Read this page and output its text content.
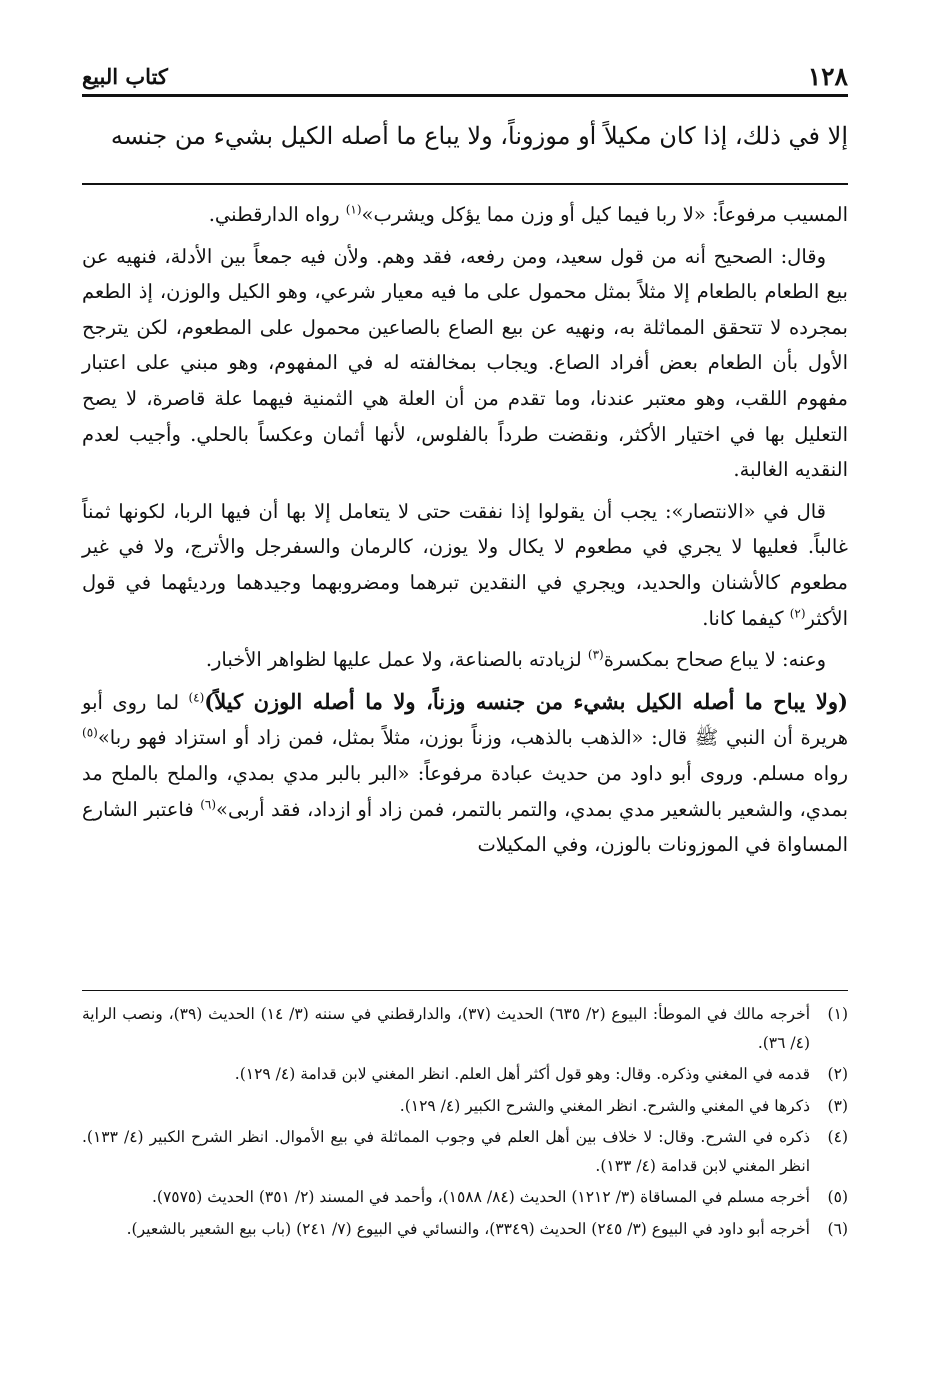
١٢٨
كتاب البيع
إلا في ذلك، إذا كان مكيلاً أو موزوناً، ولا يباع ما أصله الكيل بشيء من جنسه

المسيب مرفوعاً: «لا ربا فيما كيل أو وزن مما يؤكل ويشرب»$^{(١)}$ رواه الدارقطني.

وقال: الصحيح أنه من قول سعيد، ومن رفعه، فقد وهم. ولأن فيه جمعاً بين الأدلة، فنهيه عن بيع الطعام بالطعام إلا مثلاً بمثل محمول على ما فيه معيار شرعي، وهو الكيل والوزن، إذ الطعم بمجرده لا تتحقق المماثلة به، ونهيه عن بيع الصاع بالصاعين محمول على المطعوم، لكن يترجح الأول بأن الطعام بعض أفراد الصاع. ويجاب بمخالفته له في المفهوم، وهو مبني على اعتبار مفهوم اللقب، وهو معتبر عندنا، وما تقدم من أن العلة هي الثمنية فيهما علة قاصرة، لا يصح التعليل بها في اختيار الأكثر، ونقضت طرداً بالفلوس، لأنها أثمان وعكساً بالحلي. وأجيب لعدم النقديه الغالبة.

قال في «الانتصار»: يجب أن يقولوا إذا نفقت حتى لا يتعامل إلا بها أن فيها الربا، لكونها ثمناً غالباً. فعليها لا يجري في مطعوم لا يكال ولا يوزن، كالرمان والسفرجل والأترج، ولا في غير مطعوم كالأشنان والحديد، ويجري في النقدين تبرهما ومضروبهما وجيدهما ورديئهما في قول الأكثر$^{(٢)}$ كيفما كانا.

وعنه: لا يباع صحاح بمكسرة$^{(٣)}$ لزيادته بالصناعة، ولا عمل عليها لظواهر الأخبار.

(ولا يباح ما أصله الكيل بشيء من جنسه وزناً، ولا ما أصله الوزن كيلاً)$^{(٤)}$ لما روى أبو هريرة أن النبي ﷺ قال: «الذهب بالذهب، وزناً بوزن، مثلاً بمثل، فمن زاد أو استزاد فهو ربا»$^{(٥)}$ رواه مسلم. وروى أبو داود من حديث عبادة مرفوعاً: «البر بالبر مدي بمدي، والملح بالملح مد بمدي، والشعير بالشعير مدي بمدي، والتمر بالتمر، فمن زاد أو ازداد، فقد أربى»$^{(٦)}$ فاعتبر الشارع المساواة في الموزونات بالوزن، وفي المكيلات

(١)
أخرجه مالك في الموطأ: البيوع (٢/ ٦٣٥) الحديث (٣٧)، والدارقطني في سننه (٣/ ١٤) الحديث (٣٩)، ونصب الراية (٤/ ٣٦).
(٢)
قدمه في المغني وذكره. وقال: وهو قول أكثر أهل العلم. انظر المغني لابن قدامة (٤/ ١٢٩).
(٣)
ذكرها في المغني والشرح. انظر المغني والشرح الكبير (٤/ ١٢٩).
(٤)
ذكره في الشرح. وقال: لا خلاف بين أهل العلم في وجوب المماثلة في بيع الأموال. انظر الشرح الكبير (٤/ ١٣٣). انظر المغني لابن قدامة (٤/ ١٣٣).
(٥)
أخرجه مسلم في المساقاة (٣/ ١٢١٢) الحديث (٨٤/ ١٥٨٨)، وأحمد في المسند (٢/ ٣٥١) الحديث (٧٥٧٥).
(٦)
أخرجه أبو داود في البيوع (٣/ ٢٤٥) الحديث (٣٣٤٩)، والنسائي في البيوع (٧/ ٢٤١) (باب بيع الشعير بالشعير).
